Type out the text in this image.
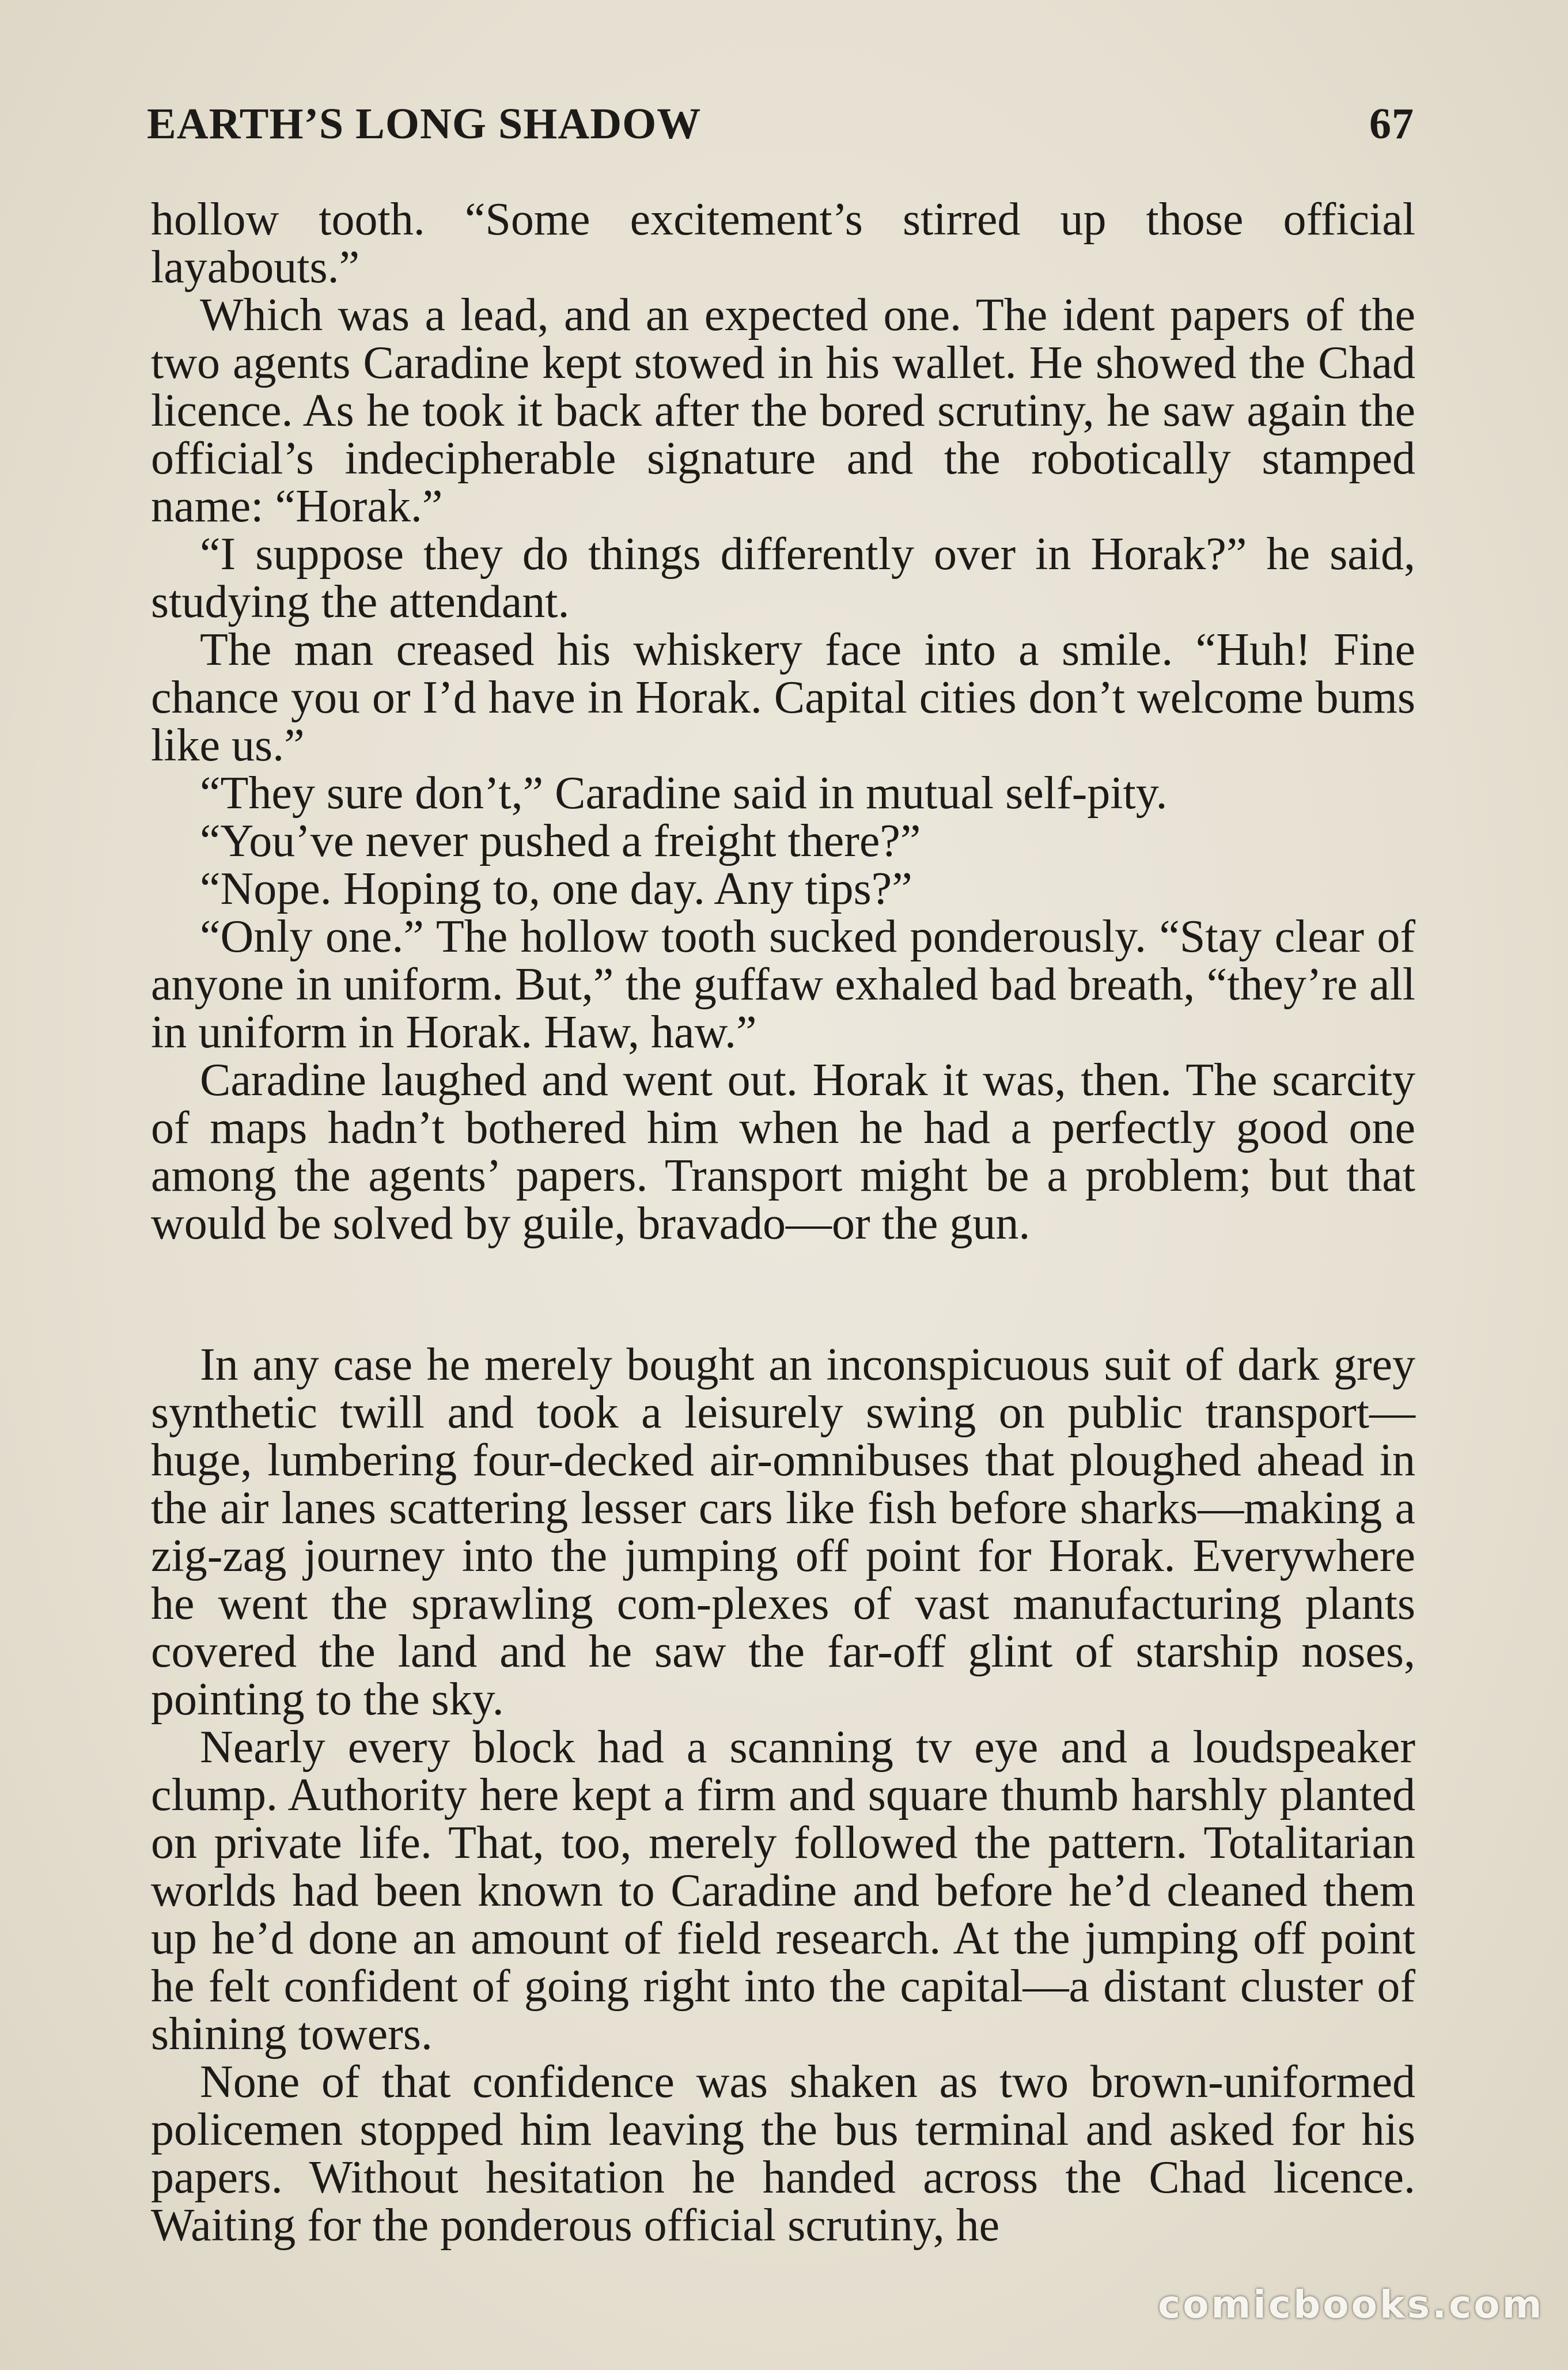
EARTH’S LONG SHADOW	67

hollow tooth. “Some excitement’s stirred up those official layabouts.”

Which was a lead, and an expected one. The ident papers of the two agents Caradine kept stowed in his wallet. He showed the Chad licence. As he took it back after the bored scrutiny, he saw again the official’s indecipherable signature and the robotically stamped name: “Horak.”

“I suppose they do things differently over in Horak?” he said, studying the attendant.

The man creased his whiskery face into a smile. “Huh! Fine chance you or I’d have in Horak. Capital cities don’t welcome bums like us.”

“They sure don’t,” Caradine said in mutual self-pity.

“You’ve never pushed a freight there?”

“Nope. Hoping to, one day. Any tips?”

“Only one.” The hollow tooth sucked ponderously. “Stay clear of anyone in uniform. But,” the guffaw exhaled bad breath, “they’re all in uniform in Horak. Haw, haw.”

Caradine laughed and went out. Horak it was, then. The scarcity of maps hadn’t bothered him when he had a perfectly good one among the agents’ papers. Transport might be a problem; but that would be solved by guile, bravado—or the gun.

In any case he merely bought an inconspicuous suit of dark grey synthetic twill and took a leisurely swing on public transport—huge, lumbering four-decked air-omnibuses that ploughed ahead in the air lanes scattering lesser cars like fish before sharks—making a zig-zag journey into the jumping off point for Horak. Everywhere he went the sprawling com-plexes of vast manufacturing plants covered the land and he saw the far-off glint of starship noses, pointing to the sky.

Nearly every block had a scanning tv eye and a loudspeaker clump. Authority here kept a firm and square thumb harshly planted on private life. That, too, merely followed the pattern. Totalitarian worlds had been known to Caradine and before he’d cleaned them up he’d done an amount of field research. At the jumping off point he felt confident of going right into the capital—a distant cluster of shining towers.

None of that confidence was shaken as two brown-uniformed policemen stopped him leaving the bus terminal and asked for his papers. Without hesitation he handed across the Chad licence. Waiting for the ponderous official scrutiny, he

comicbooks.com
